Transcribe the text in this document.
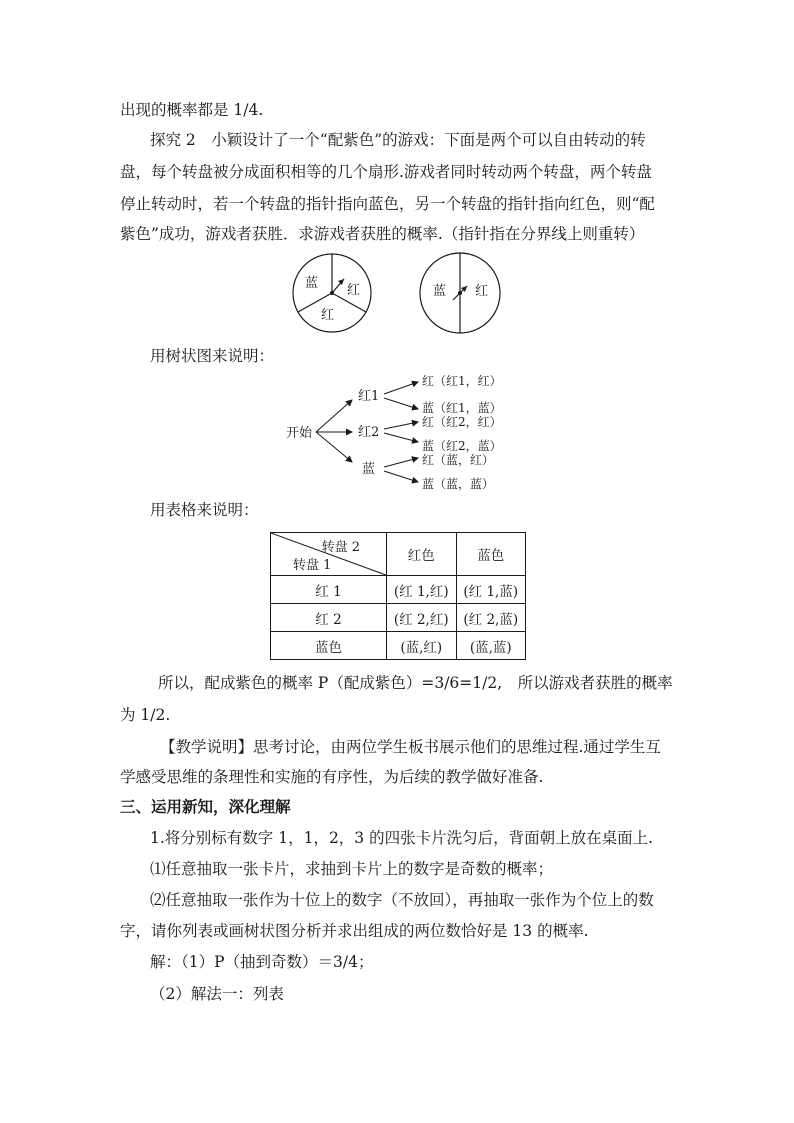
出现的概率都是 1/4.
探究 2　小颖设计了一个“配紫色”的游戏：下面是两个可以自由转动的转
盘，每个转盘被分成面积相等的几个扇形.游戏者同时转动两个转盘，两个转盘
停止转动时，若一个转盘的指针指向蓝色，另一个转盘的指针指向红色，则“配
紫色”成功，游戏者获胜．求游戏者获胜的概率.（指针指在分界线上则重转）
蓝 红
红
蓝 红
用树状图来说明：
开始
红1
红2
蓝
红（红1，红）
蓝（红1，蓝）
红（红2，红）
蓝（红2，蓝）
红（蓝，红）
蓝（蓝，蓝）
用表格来说明：
转盘 2
转盘 1	红色	蓝色
红 1	(红 1,红)	(红 1,蓝)
红 2	(红 2,红)	(红 2,蓝)
蓝色	(蓝,红)	(蓝,蓝)
所以，配成紫色的概率 P（配成紫色）=3/6=1/2,　所以游戏者获胜的概率
为 1/2.
【教学说明】思考讨论，由两位学生板书展示他们的思维过程.通过学生互
学感受思维的条理性和实施的有序性，为后续的教学做好准备.
三、运用新知，深化理解
1.将分别标有数字 1，1，2，3 的四张卡片洗匀后，背面朝上放在桌面上.
⑴任意抽取一张卡片，求抽到卡片上的数字是奇数的概率；
⑵任意抽取一张作为十位上的数字（不放回），再抽取一张作为个位上的数
字，请你列表或画树状图分析并求出组成的两位数恰好是 13 的概率.
解：（1）P（抽到奇数）＝3/4；
（2）解法一：列表
